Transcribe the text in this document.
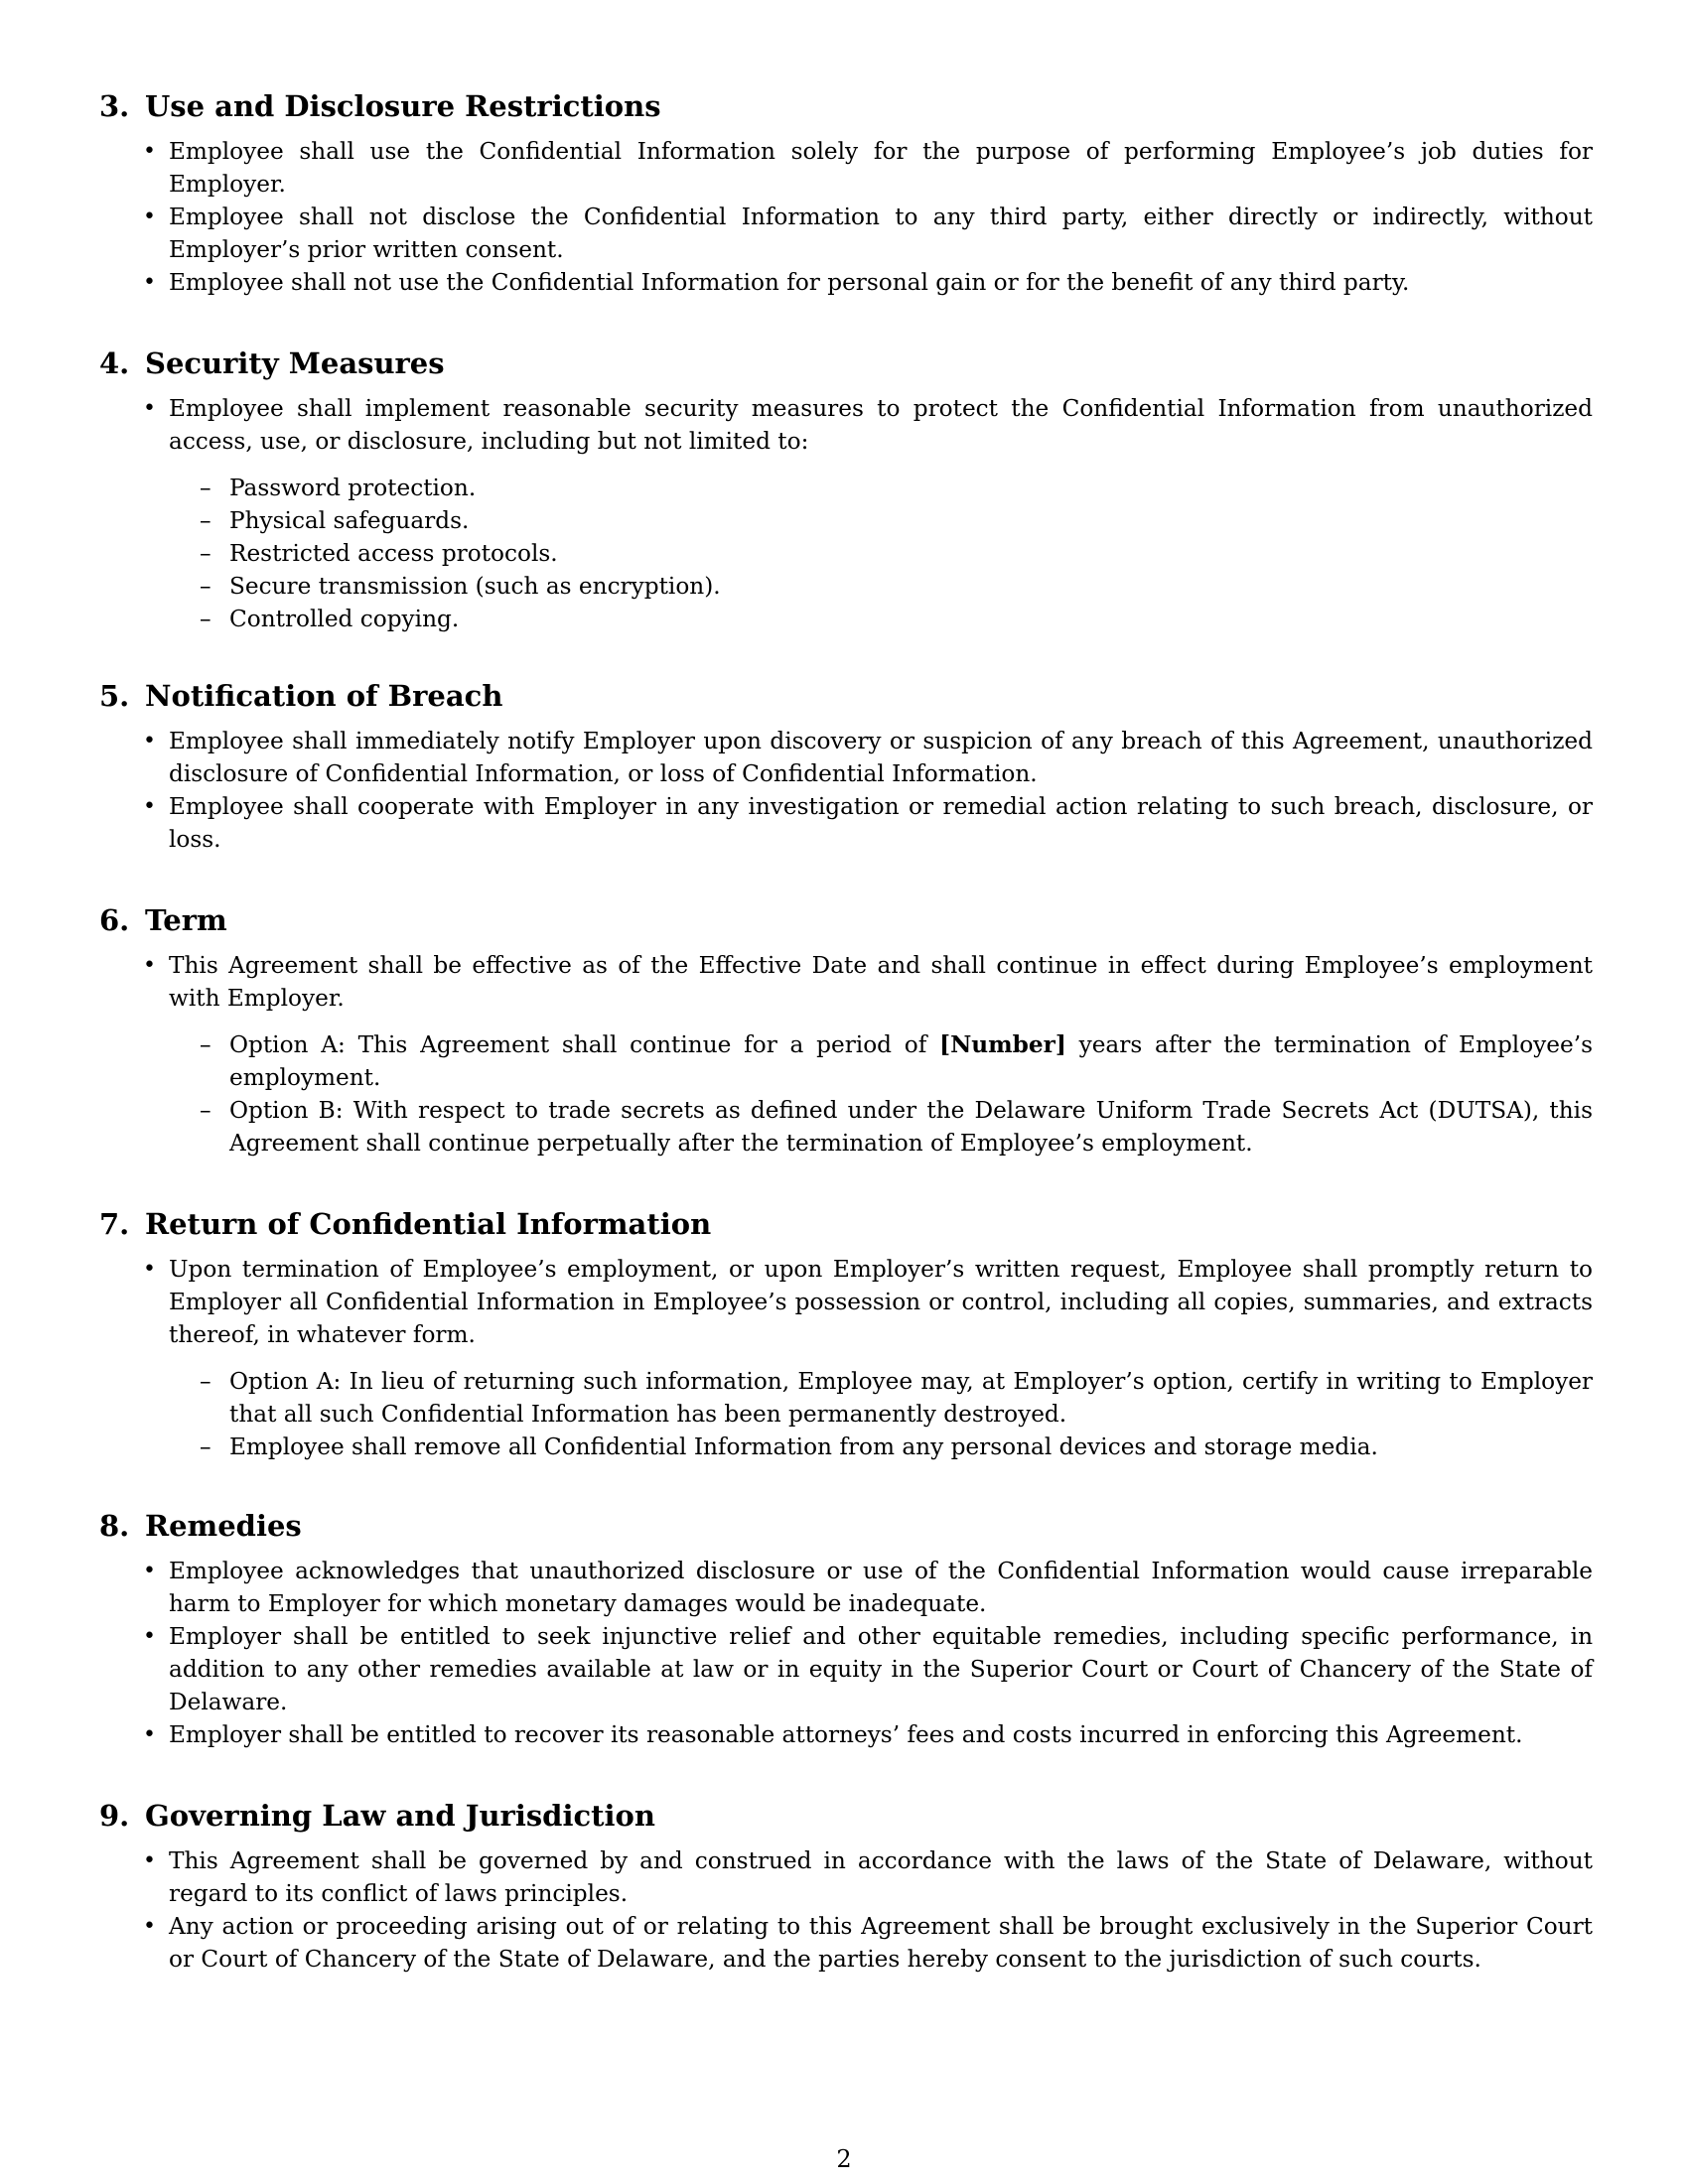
3. Use and Disclosure Restrictions
• Employee shall use the Confidential Information solely for the purpose of performing Employee’s job duties for Employer.
• Employee shall not disclose the Confidential Information to any third party, either directly or indirectly, without Employer’s prior written consent.
• Employee shall not use the Confidential Information for personal gain or for the benefit of any third party.
4. Security Measures
• Employee shall implement reasonable security measures to protect the Confidential Information from unauthorized access, use, or disclosure, including but not limited to:
– Password protection.
– Physical safeguards.
– Restricted access protocols.
– Secure transmission (such as encryption).
– Controlled copying.
5. Notification of Breach
• Employee shall immediately notify Employer upon discovery or suspicion of any breach of this Agreement, unauthorized disclosure of Confidential Information, or loss of Confidential Information.
• Employee shall cooperate with Employer in any investigation or remedial action relating to such breach, disclosure, or loss.
6. Term
• This Agreement shall be effective as of the Effective Date and shall continue in effect during Employee’s employment with Employer.
– Option A: This Agreement shall continue for a period of [Number] years after the termination of Employee’s employment.
– Option B: With respect to trade secrets as defined under the Delaware Uniform Trade Secrets Act (DUTSA), this Agreement shall continue perpetually after the termination of Employee’s employment.
7. Return of Confidential Information
• Upon termination of Employee’s employment, or upon Employer’s written request, Employee shall promptly return to Employer all Confidential Information in Employee’s possession or control, including all copies, summaries, and extracts thereof, in whatever form.
– Option A: In lieu of returning such information, Employee may, at Employer’s option, certify in writing to Employer that all such Confidential Information has been permanently destroyed.
– Employee shall remove all Confidential Information from any personal devices and storage media.
8. Remedies
• Employee acknowledges that unauthorized disclosure or use of the Confidential Information would cause irreparable harm to Employer for which monetary damages would be inadequate.
• Employer shall be entitled to seek injunctive relief and other equitable remedies, including specific performance, in addition to any other remedies available at law or in equity in the Superior Court or Court of Chancery of the State of Delaware.
• Employer shall be entitled to recover its reasonable attorneys’ fees and costs incurred in enforcing this Agreement.
9. Governing Law and Jurisdiction
• This Agreement shall be governed by and construed in accordance with the laws of the State of Delaware, without regard to its conflict of laws principles.
• Any action or proceeding arising out of or relating to this Agreement shall be brought exclusively in the Superior Court or Court of Chancery of the State of Delaware, and the parties hereby consent to the jurisdiction of such courts.
2
